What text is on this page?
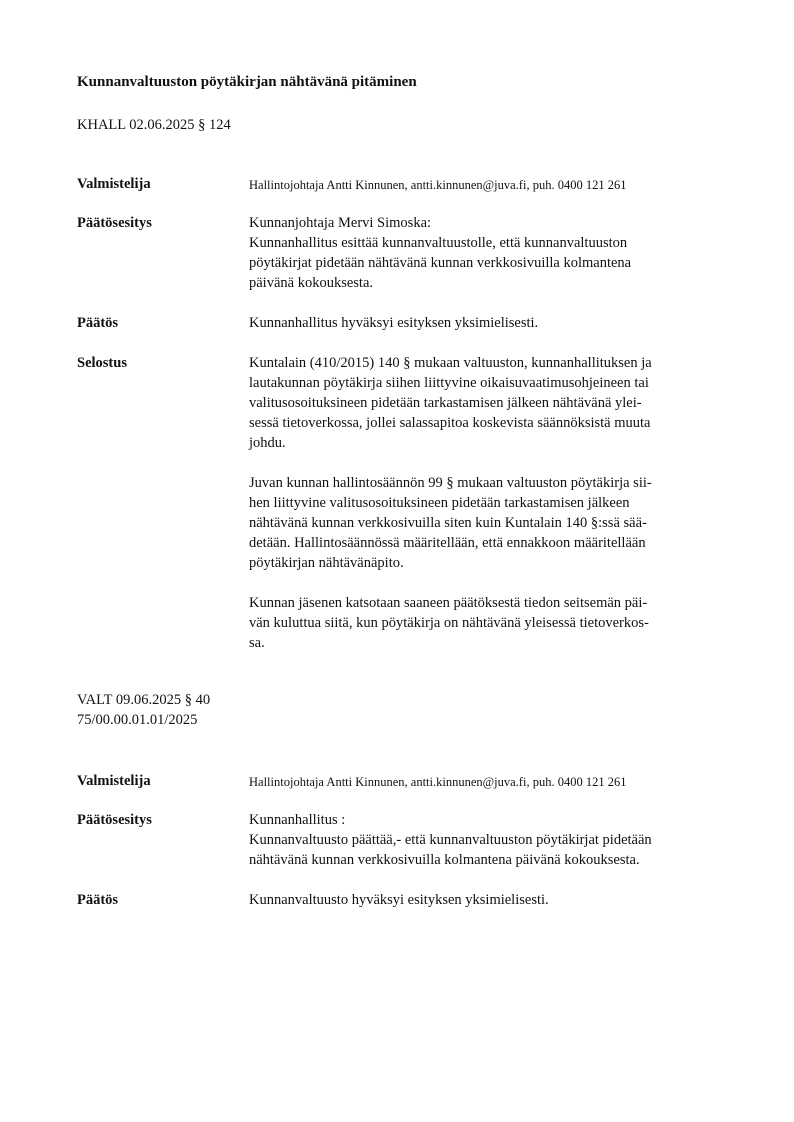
Kunnanvaltuuston pöytäkirjan nähtävänä pitäminen
KHALL 02.06.2025 § 124
Valmistelija	Hallintojohtaja Antti Kinnunen, antti.kinnunen@juva.fi, puh. 0400 121 261
Päätösesitys	Kunnanjohtaja Mervi Simoska:

Kunnanhallitus esittää kunnanvaltuustolle, että kunnanvaltuuston

pöytäkirjat pidetään nähtävänä kunnan verkkosivuilla kolmantena

päivänä kokouksesta.

Päätös	Kunnanhallitus hyväksyi esityksen yksimielisesti.
Selostus	Kuntalain (410/2015) 140 § mukaan valtuuston, kunnanhallituksen ja

lautakunnan pöytäkirja siihen liittyvine oikaisuvaatimusohjeineen tai

valitusosoituksineen pidetään tarkastamisen jälkeen nähtävänä ylei-

sessä tietoverkossa, jollei salassapitoa koskevista säännöksistä muuta

johdu.

Juvan kunnan hallintosäännön 99 § mukaan valtuuston pöytäkirja sii-

hen liittyvine valitusosoituksineen pidetään tarkastamisen jälkeen

nähtävänä kunnan verkkosivuilla siten kuin Kuntalain 140 §:ssä sää-

detään. Hallintosäännössä määritellään, että ennakkoon määritellään

pöytäkirjan nähtävänäpito.

Kunnan jäsenen katsotaan saaneen päätöksestä tiedon seitsemän päi-

vän kuluttua siitä, kun pöytäkirja on nähtävänä yleisessä tietoverkos-

sa.

VALT 09.06.2025 § 40
75/00.00.01.01/2025
Valmistelija	Hallintojohtaja Antti Kinnunen, antti.kinnunen@juva.fi, puh. 0400 121 261
Päätösesitys	Kunnanhallitus :

Kunnanvaltuusto päättää,- että kunnanvaltuuston pöytäkirjat pidetään

nähtävänä kunnan verkkosivuilla kolmantena päivänä kokouksesta.

Päätös	Kunnanvaltuusto hyväksyi esityksen yksimielisesti.
